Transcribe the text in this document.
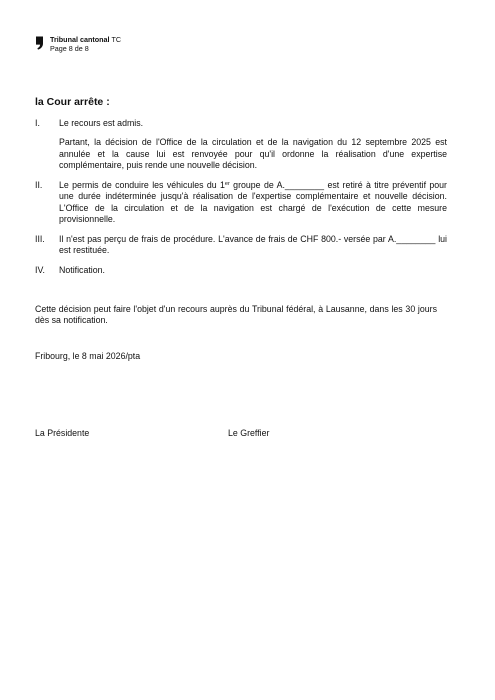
Tribunal cantonal TC
Page 8 de 8
la Cour arrête :
I.	Le recours est admis.

Partant, la décision de l'Office de la circulation et de la navigation du 12 septembre 2025 est annulée et la cause lui est renvoyée pour qu'il ordonne la réalisation d'une expertise complémentaire, puis rende une nouvelle décision.

II.	Le permis de conduire les véhicules du 1er groupe de A.________ est retiré à titre préventif pour une durée indéterminée jusqu'à réalisation de l'expertise complémentaire et nouvelle décision. L'Office de la circulation et de la navigation est chargé de l'exécution de cette mesure provisionnelle.

III.	Il n'est pas perçu de frais de procédure. L'avance de frais de CHF 800.- versée par A.________ lui est restituée.

IV.	Notification.

Cette décision peut faire l'objet d'un recours auprès du Tribunal fédéral, à Lausanne, dans les 30 jours dès sa notification.

Fribourg, le 8 mai 2026/pta

La Présidente	Le Greffier
